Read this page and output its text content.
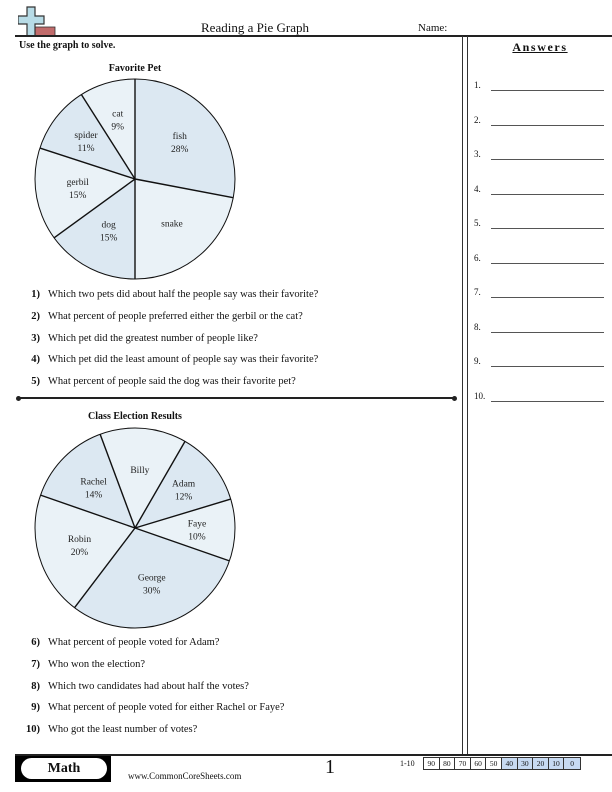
Reading a Pie Graph	Name:
Use the graph to solve.	Answers
1.
2.
3.
4.
5.
6.
7.
8.
9.
10.
Favorite Pet
fish
28%
snake
dog
15%
gerbil
15%
spider
11%
cat
9%
1) Which two pets did about half the people say was their favorite?
2) What percent of people preferred either the gerbil or the cat?
3) Which pet did the greatest number of people like?
4) Which pet did the least amount of people say was their favorite?
5) What percent of people said the dog was their favorite pet?
Class Election Results
Billy
Adam
12%
Faye
10%
George
30%
Robin
20%
Rachel
14%
6) What percent of people voted for Adam?
7) Who won the election?
8) Which two candidates had about half the votes?
9) What percent of people voted for either Rachel or Faye?
10) Who got the least number of votes?
Math	www.CommonCoreSheets.com	1	1-10	90	80	70	60	50	40	30	20	10	0
